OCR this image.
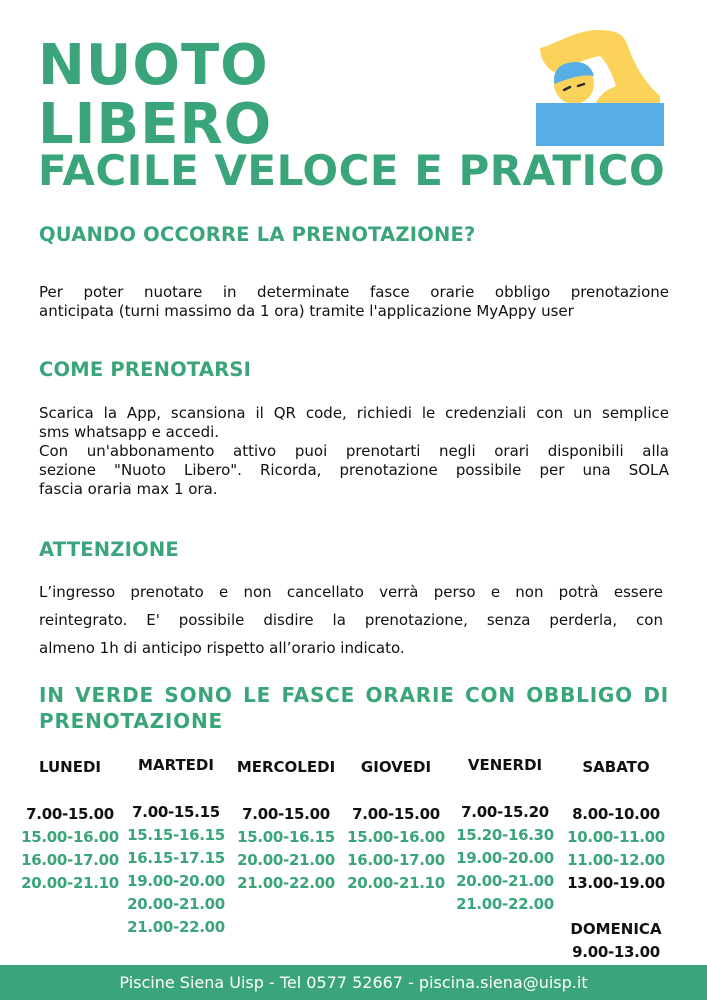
NUOTO
LIBERO
FACILE VELOCE E PRATICO
QUANDO OCCORRE LA PRENOTAZIONE?

Per poter nuotare in determinate fasce orarie obbligo prenotazione

anticipata (turni massimo da 1 ora) tramite l'applicazione MyAppy user

COME PRENOTARSI

Scarica la App, scansiona il QR code, richiedi le credenziali con un semplice

sms whatsapp e accedi.

Con un'abbonamento attivo puoi prenotarti negli orari disponibili alla

sezione "Nuoto Libero". Ricorda, prenotazione possibile per una SOLA

fascia oraria max 1 ora.

ATTENZIONE

L’ingresso prenotato e non cancellato verrà perso e non potrà essere

reintegrato. E' possibile disdire la prenotazione, senza perderla, con

almeno 1h di anticipo rispetto all’orario indicato.

IN VERDE SONO LE FASCE ORARIE CON OBBLIGO DI
PRENOTAZIONE
LUNEDI
7.00-15.00
15.00-16.00
16.00-17.00
20.00-21.10
MARTEDI
7.00-15.15
15.15-16.15
16.15-17.15
19.00-20.00
20.00-21.00
21.00-22.00
MERCOLEDI
7.00-15.00
15.00-16.15
20.00-21.00
21.00-22.00
GIOVEDI
7.00-15.00
15.00-16.00
16.00-17.00
20.00-21.10
VENERDI
7.00-15.20
15.20-16.30
19.00-20.00
20.00-21.00
21.00-22.00
SABATO
8.00-10.00
10.00-11.00
11.00-12.00
13.00-19.00
DOMENICA
9.00-13.00
Piscine Siena Uisp - Tel 0577 52667 - piscina.siena@uisp.it
